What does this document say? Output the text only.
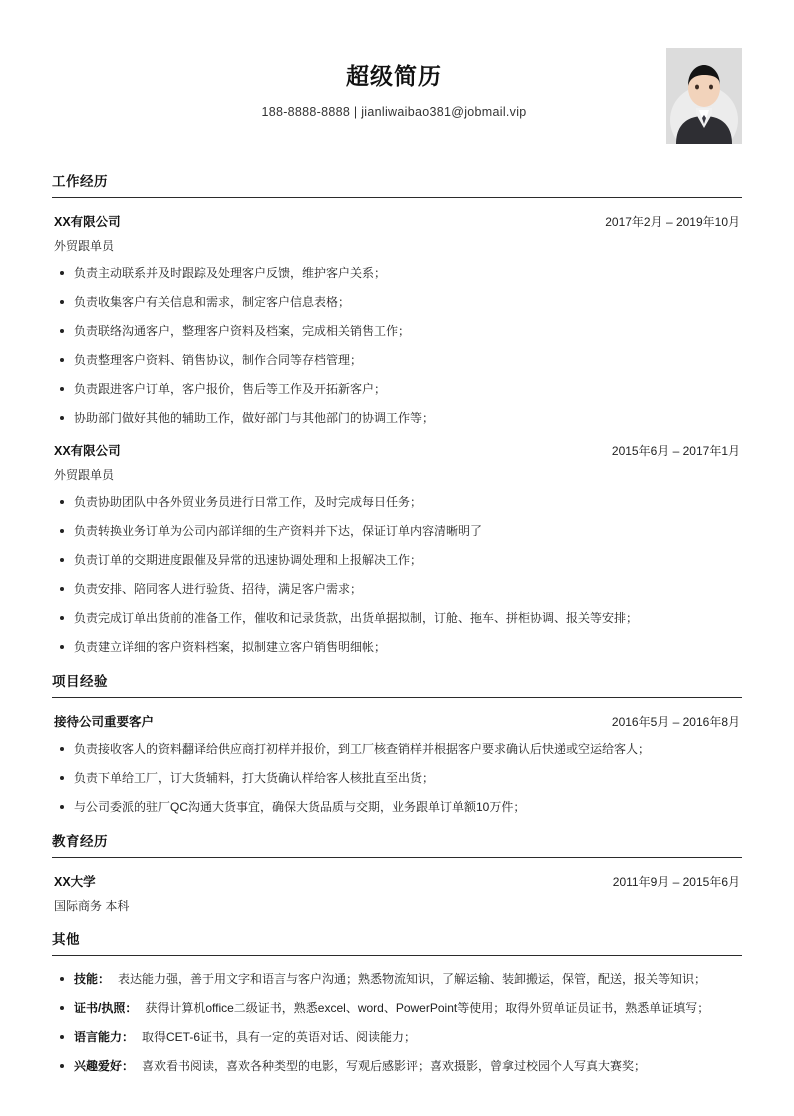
超级简历
188-8888-8888 | jianliwaibao381@jobmail.vip
工作经历
XX有限公司	2017年2月 – 2019年10月
外贸跟单员
负责主动联系并及时跟踪及处理客户反馈，维护客户关系；
负责收集客户有关信息和需求，制定客户信息表格；
负责联络沟通客户，整理客户资料及档案，完成相关销售工作；
负责整理客户资料、销售协议，制作合同等存档管理；
负责跟进客户订单，客户报价，售后等工作及开拓新客户；
协助部门做好其他的辅助工作，做好部门与其他部门的协调工作等；
XX有限公司	2015年6月 – 2017年1月
外贸跟单员
负责协助团队中各外贸业务员进行日常工作，及时完成每日任务；
负责转换业务订单为公司内部详细的生产资料并下达，保证订单内容清晰明了
负责订单的交期进度跟催及异常的迅速协调处理和上报解决工作；
负责安排、陪同客人进行验货、招待，满足客户需求；
负责完成订单出货前的准备工作，催收和记录货款，出货单据拟制，订舱、拖车、拼柜协调、报关等安排；
负责建立详细的客户资料档案，拟制建立客户销售明细帐；
项目经验
接待公司重要客户	2016年5月 – 2016年8月
负责接收客人的资料翻译给供应商打初样并报价，到工厂核查销样并根据客户要求确认后快递或空运给客人；
负责下单给工厂，订大货辅料，打大货确认样给客人核批直至出货；
与公司委派的驻厂QC沟通大货事宜，确保大货品质与交期，业务跟单订单额10万件；
教育经历
XX大学	2011年9月 – 2015年6月
国际商务 本科
其他
技能： 表达能力强，善于用文字和语言与客户沟通；熟悉物流知识，了解运输、装卸搬运，保管，配送，报关等知识；
证书/执照： 获得计算机office二级证书，熟悉excel、word、PowerPoint等使用；取得外贸单证员证书，熟悉单证填写；
语言能力： 取得CET-6证书，具有一定的英语对话、阅读能力；
兴趣爱好： 喜欢看书阅读，喜欢各种类型的电影，写观后感影评；喜欢摄影，曾拿过校园个人写真大赛奖；
